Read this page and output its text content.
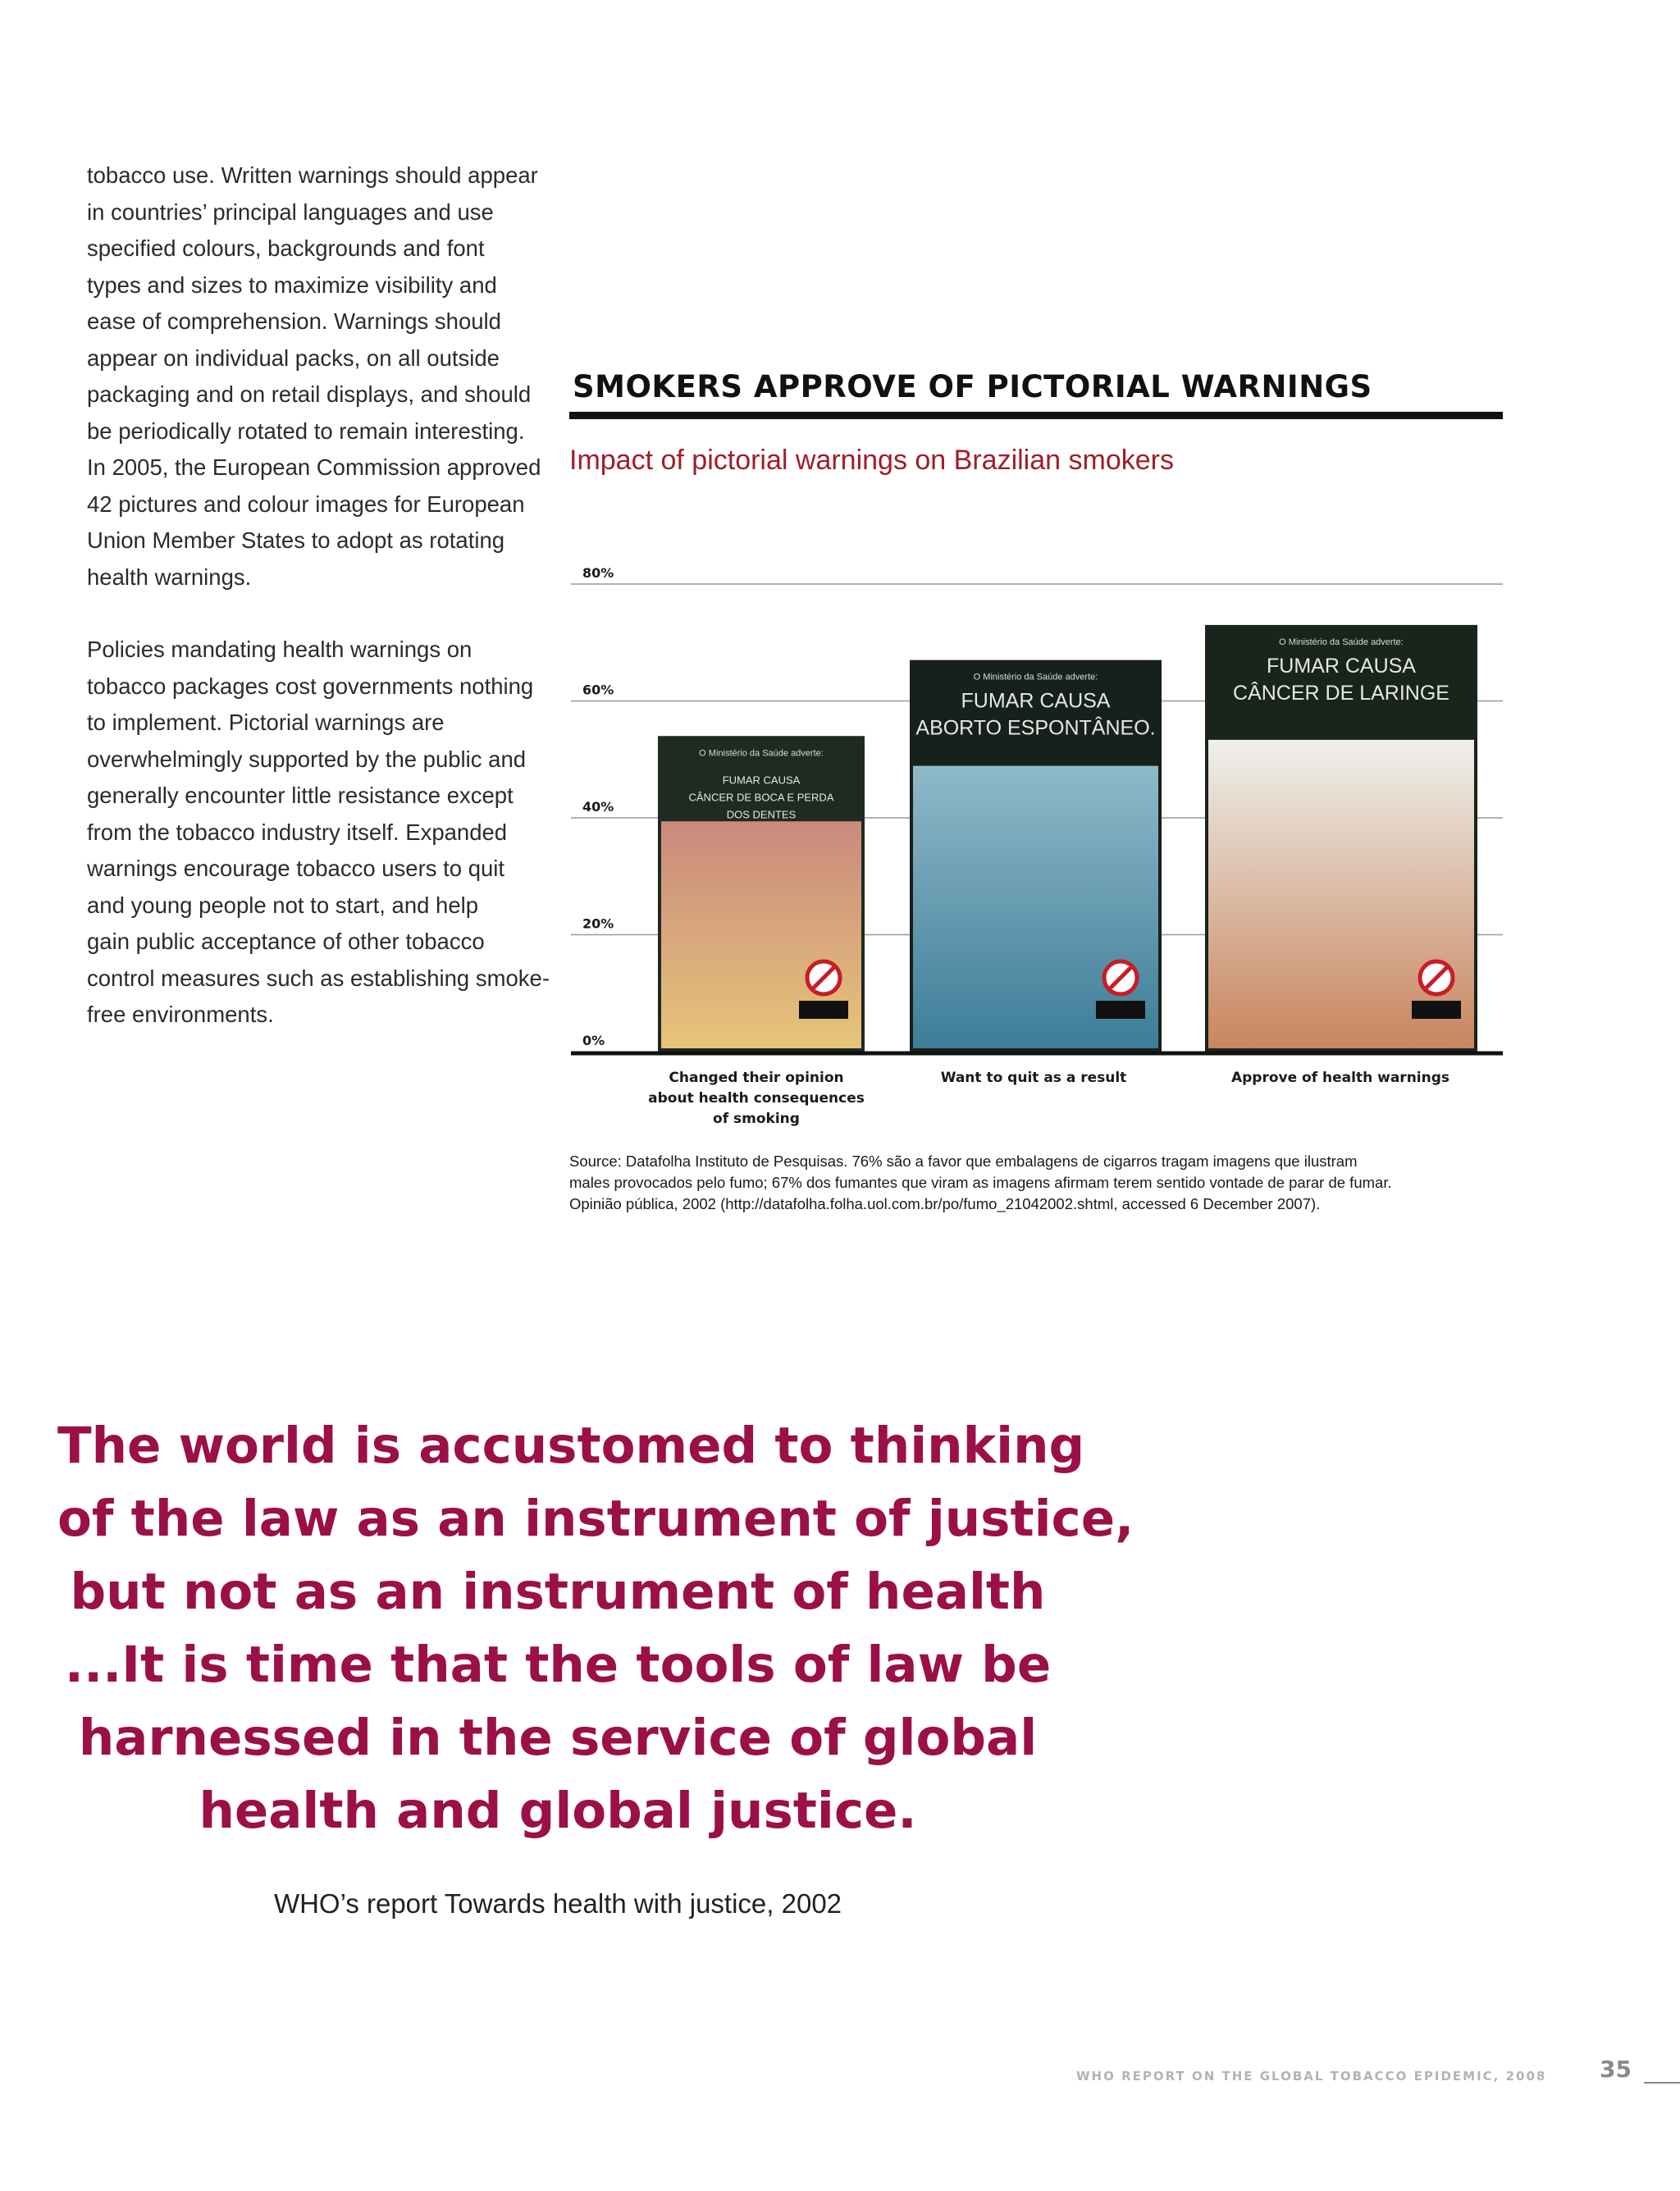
tobacco use. Written warnings should appear
in countries’ principal languages and use
specified colours, backgrounds and font
types and sizes to maximize visibility and
ease of comprehension. Warnings should
appear on individual packs, on all outside
packaging and on retail displays, and should
be periodically rotated to remain interesting.
In 2005, the European Commission approved
42 pictures and colour images for European
Union Member States to adopt as rotating
health warnings.
Policies mandating health warnings on
tobacco packages cost governments nothing
to implement. Pictorial warnings are
overwhelmingly supported by the public and
generally encounter little resistance except
from the tobacco industry itself. Expanded
warnings encourage tobacco users to quit
and young people not to start, and help
gain public acceptance of other tobacco
control measures such as establishing smoke-
free environments.
SMOKERS APPROVE OF PICTORIAL WARNINGS
Impact of pictorial warnings on Brazilian smokers
0%
20%
40%
60%
80%
O Ministério da Saúde adverte:
FUMAR CAUSA
CÂNCER DE BOCA E PERDA
DOS DENTES
O Ministério da Saúde adverte:
FUMAR CAUSA
ABORTO ESPONTÂNEO.
O Ministério da Saúde adverte:
FUMAR CAUSA
CÂNCER DE LARINGE
Changed their opinion
about health consequences
of smoking
Want to quit as a result	Approve of health warnings
Source: Datafolha Instituto de Pesquisas. 76% são a favor que embalagens de cigarros tragam imagens que ilustram
males provocados pelo fumo; 67% dos fumantes que viram as imagens afirmam terem sentido vontade de parar de fumar.
Opinião pública, 2002 (http://datafolha.folha.uol.com.br/po/fumo_21042002.shtml, accessed 6 December 2007).
The world is accustomed to thinking
of the law as an instrument of justice,
but not as an instrument of health
...It is time that the tools of law be
harnessed in the service of global
health and global justice.
WHO’s report Towards health with justice, 2002
WHO REPORT ON THE GLOBAL TOBACCO EPIDEMIC, 2008 35
